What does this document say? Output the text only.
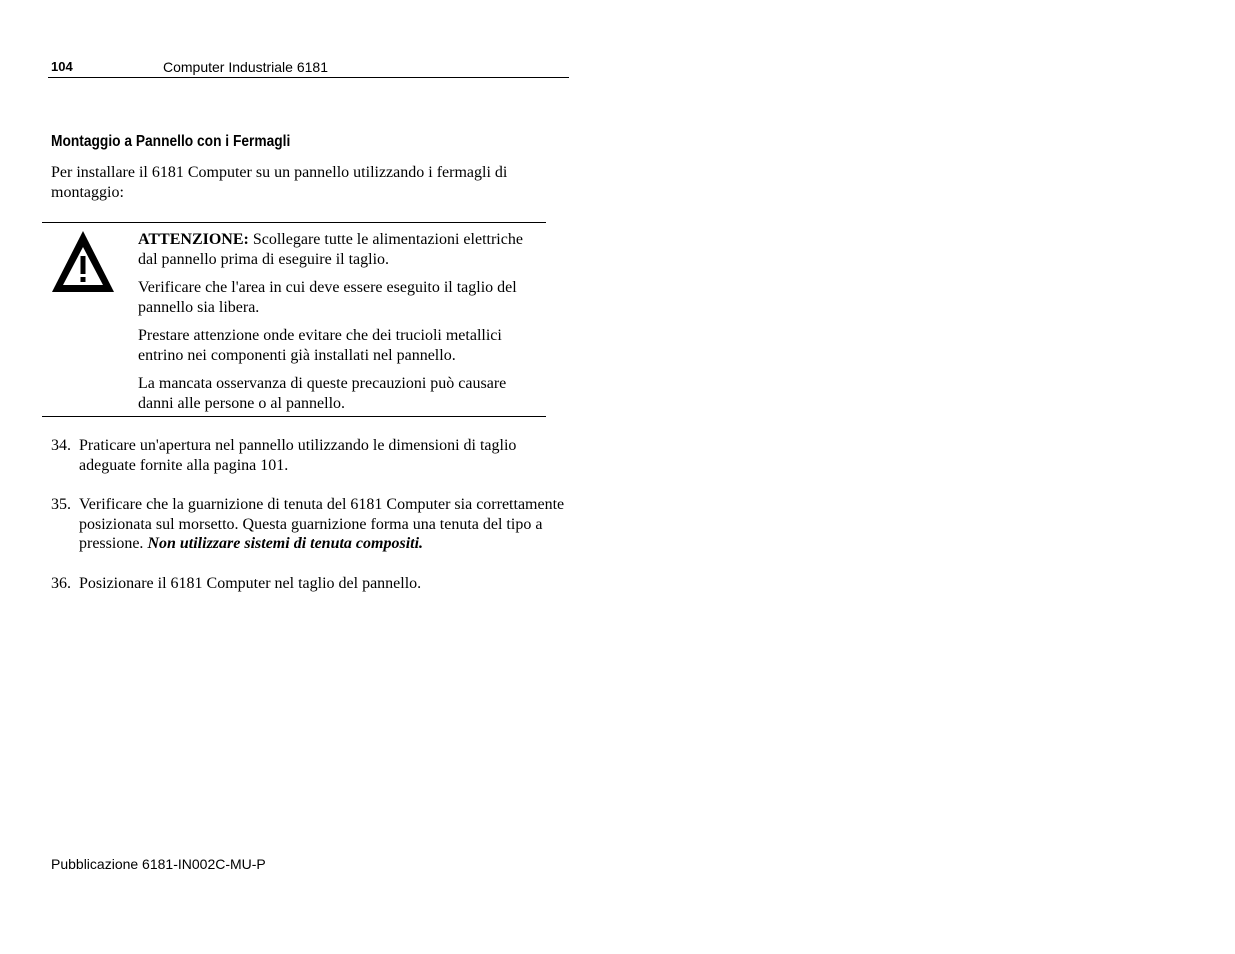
104	Computer Industriale 6181
Montaggio a Pannello con i Fermagli

Per installare il 6181 Computer su un pannello utilizzando i fermagli di montaggio:

ATTENZIONE: Scollegare tutte le alimentazioni elettriche dal pannello prima di eseguire il taglio.

Verificare che l'area in cui deve essere eseguito il taglio del pannello sia libera.

Prestare attenzione onde evitare che dei trucioli metallici entrino nei componenti già installati nel pannello.

La mancata osservanza di queste precauzioni può causare danni alle persone o al pannello.

34. Praticare un'apertura nel pannello utilizzando le dimensioni di taglio adeguate fornite alla pagina 101.
35. Verificare che la guarnizione di tenuta del 6181 Computer sia correttamente posizionata sul morsetto. Questa guarnizione forma una tenuta del tipo a pressione. Non utilizzare sistemi di tenuta compositi.
36. Posizionare il 6181 Computer nel taglio del pannello.
Pubblicazione 6181-IN002C-MU-P
